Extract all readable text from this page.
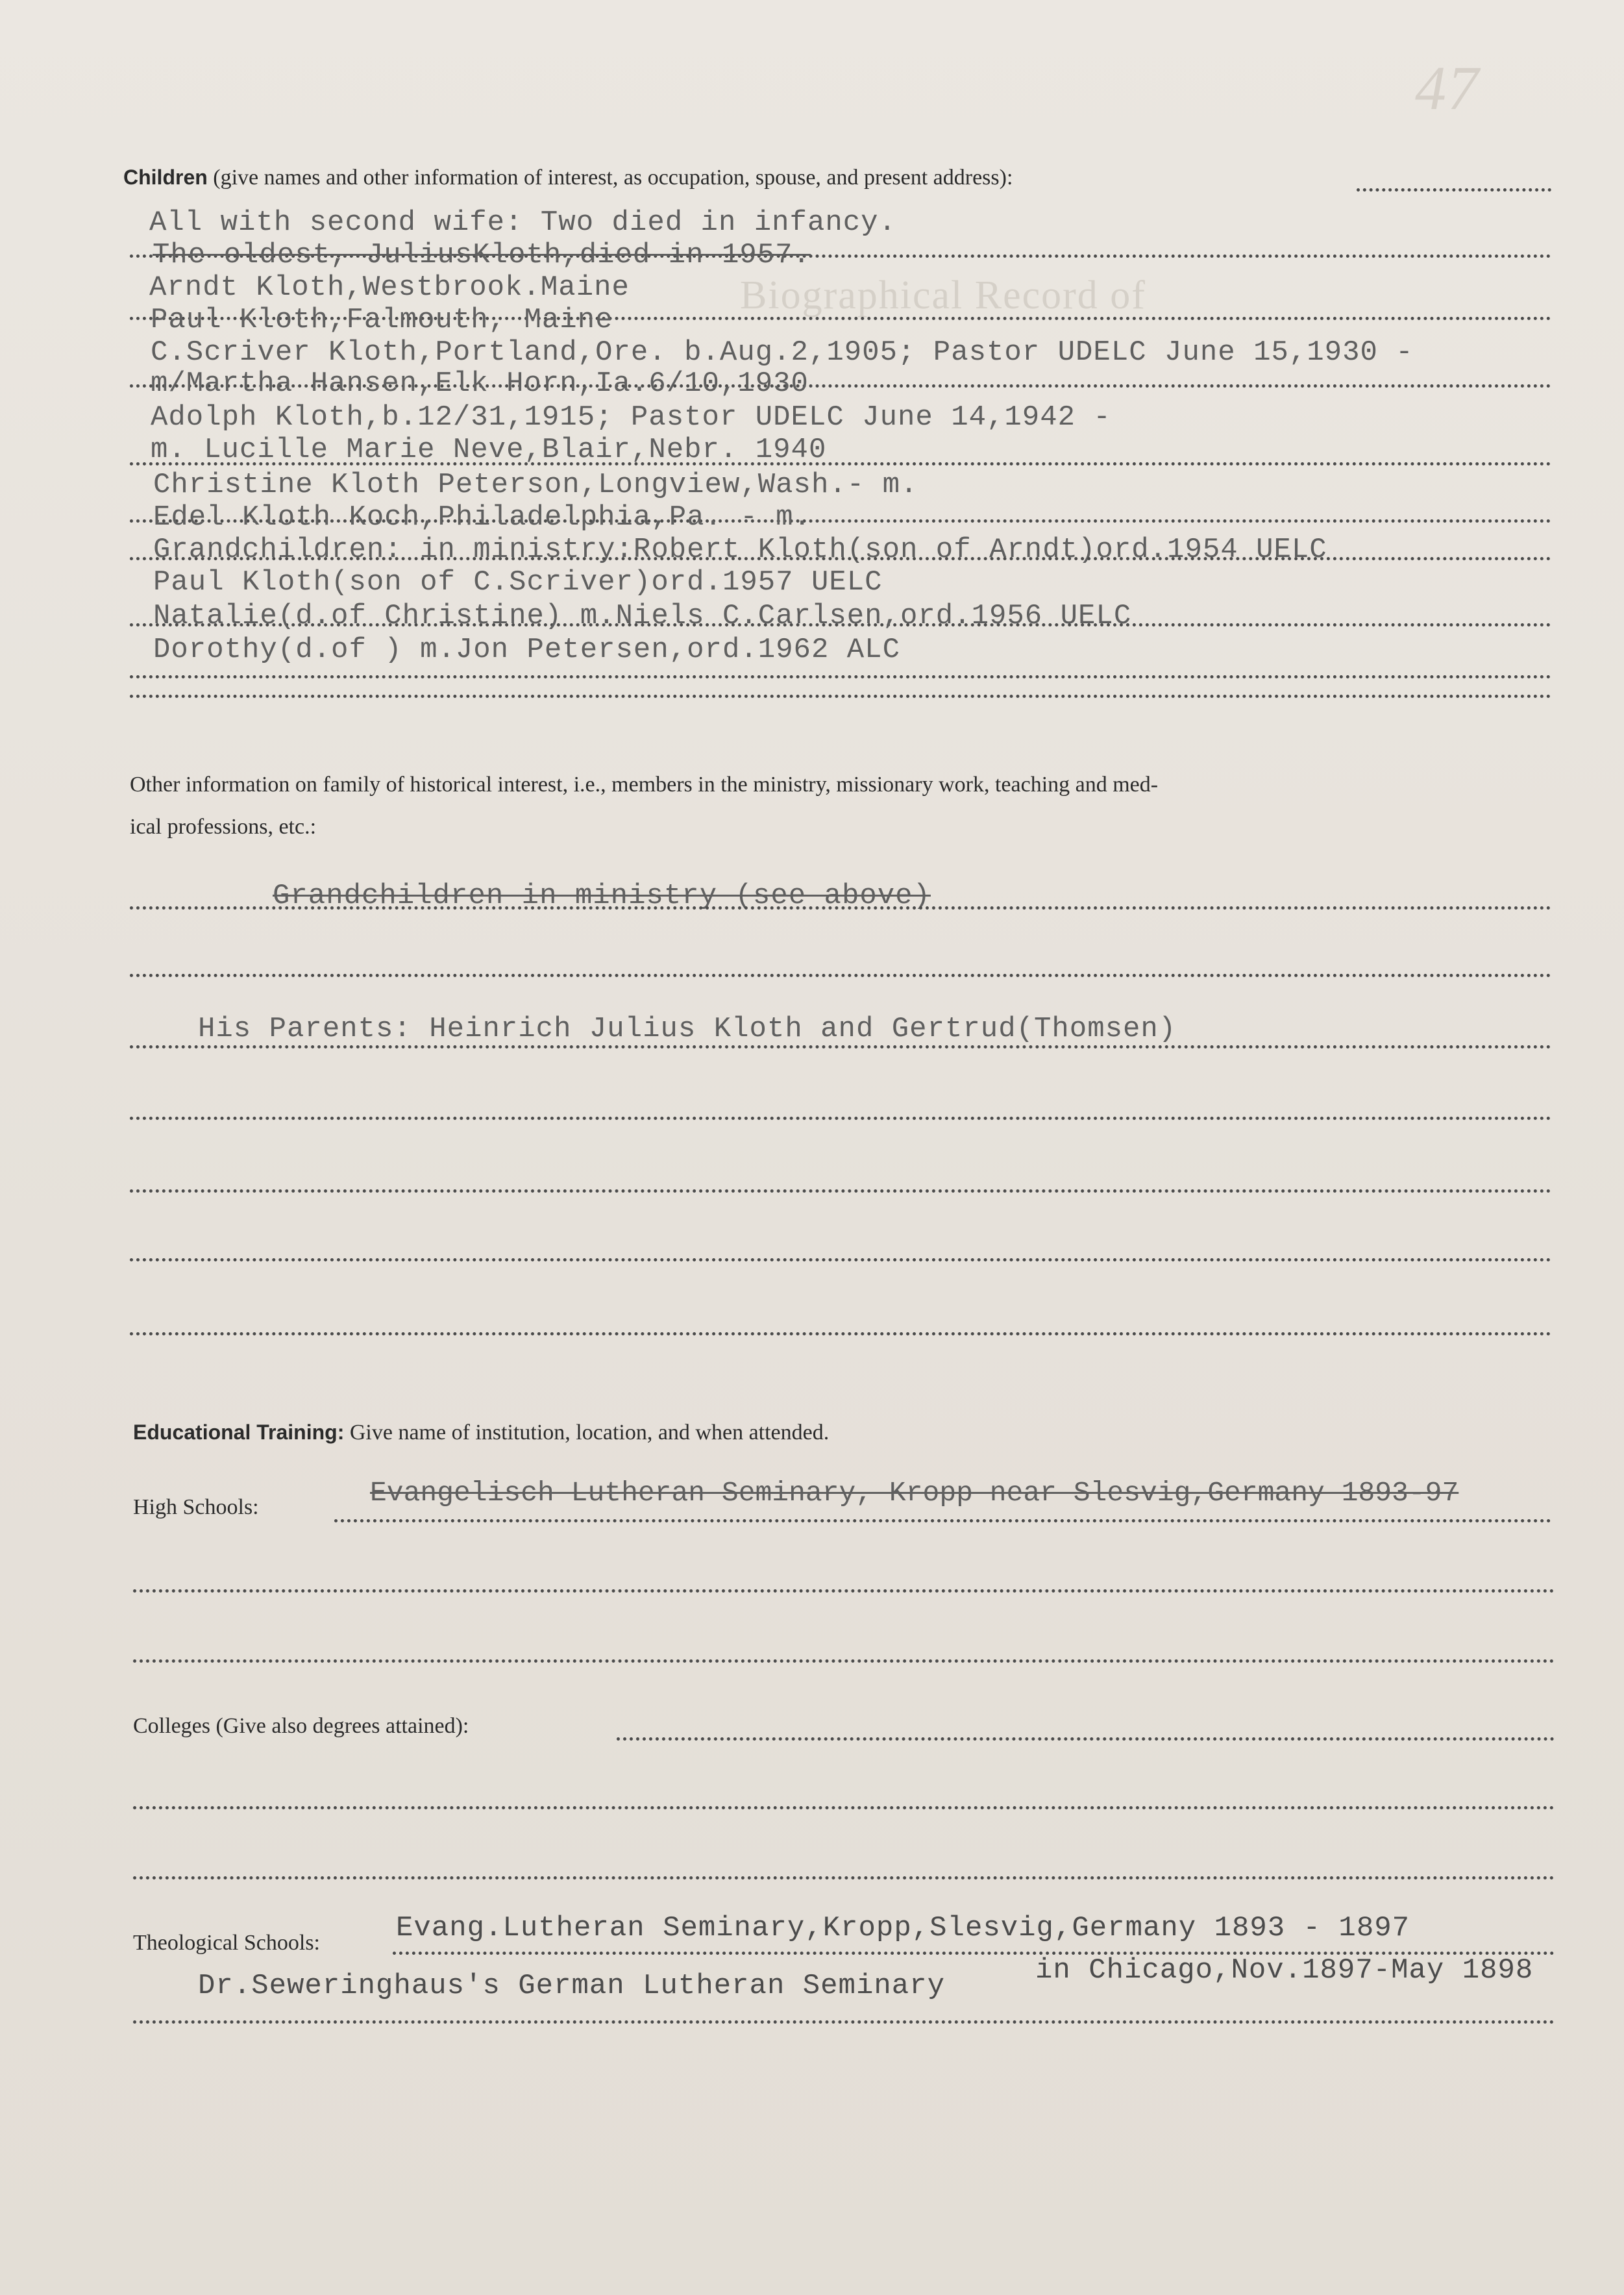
Biographical Record of
47
Children (give names and other information of interest, as occupation, spouse, and present address):
All with second wife: Two died in infancy.
The oldest, JuliusKloth,died in 1957.
Arndt Kloth,Westbrook.Maine
Paul Kloth,Falmouth, Maine
C.Scriver Kloth,Portland,Ore. b.Aug.2,1905; Pastor UDELC June 15,1930 -
m/Martha Hansen,Elk Horn,Ia.6/10,1930
Adolph Kloth,b.12/31,1915; Pastor UDELC June 14,1942 -
m. Lucille Marie Neve,Blair,Nebr. 1940
Christine Kloth Peterson,Longview,Wash.- m.
Edel Kloth Koch,Philadelphia,Pa. - m.
Grandchildren: in ministry:Robert Kloth(son of Arndt)ord.1954 UELC
Paul Kloth(son of C.Scriver)ord.1957 UELC
Natalie(d.of Christine) m.Niels C.Carlsen,ord.1956 UELC
Dorothy(d.of ) m.Jon Petersen,ord.1962 ALC
Other information on family of historical interest, i.e., members in the ministry, missionary work, teaching and med-
ical professions, etc.:
Grandchildren in ministry (see above)
His Parents: Heinrich Julius Kloth and Gertrud(Thomsen)
Educational Training: Give name of institution, location, and when attended.
High Schools:	Evangelisch Lutheran Seminary, Kropp near Slesvig,Germany 1893-97
Colleges (Give also degrees attained):
Theological Schools:	Evang.Lutheran Seminary,Kropp,Slesvig,Germany 1893 - 1897
Dr.Seweringhaus's German Lutheran Seminary	in Chicago,Nov.1897-May 1898
